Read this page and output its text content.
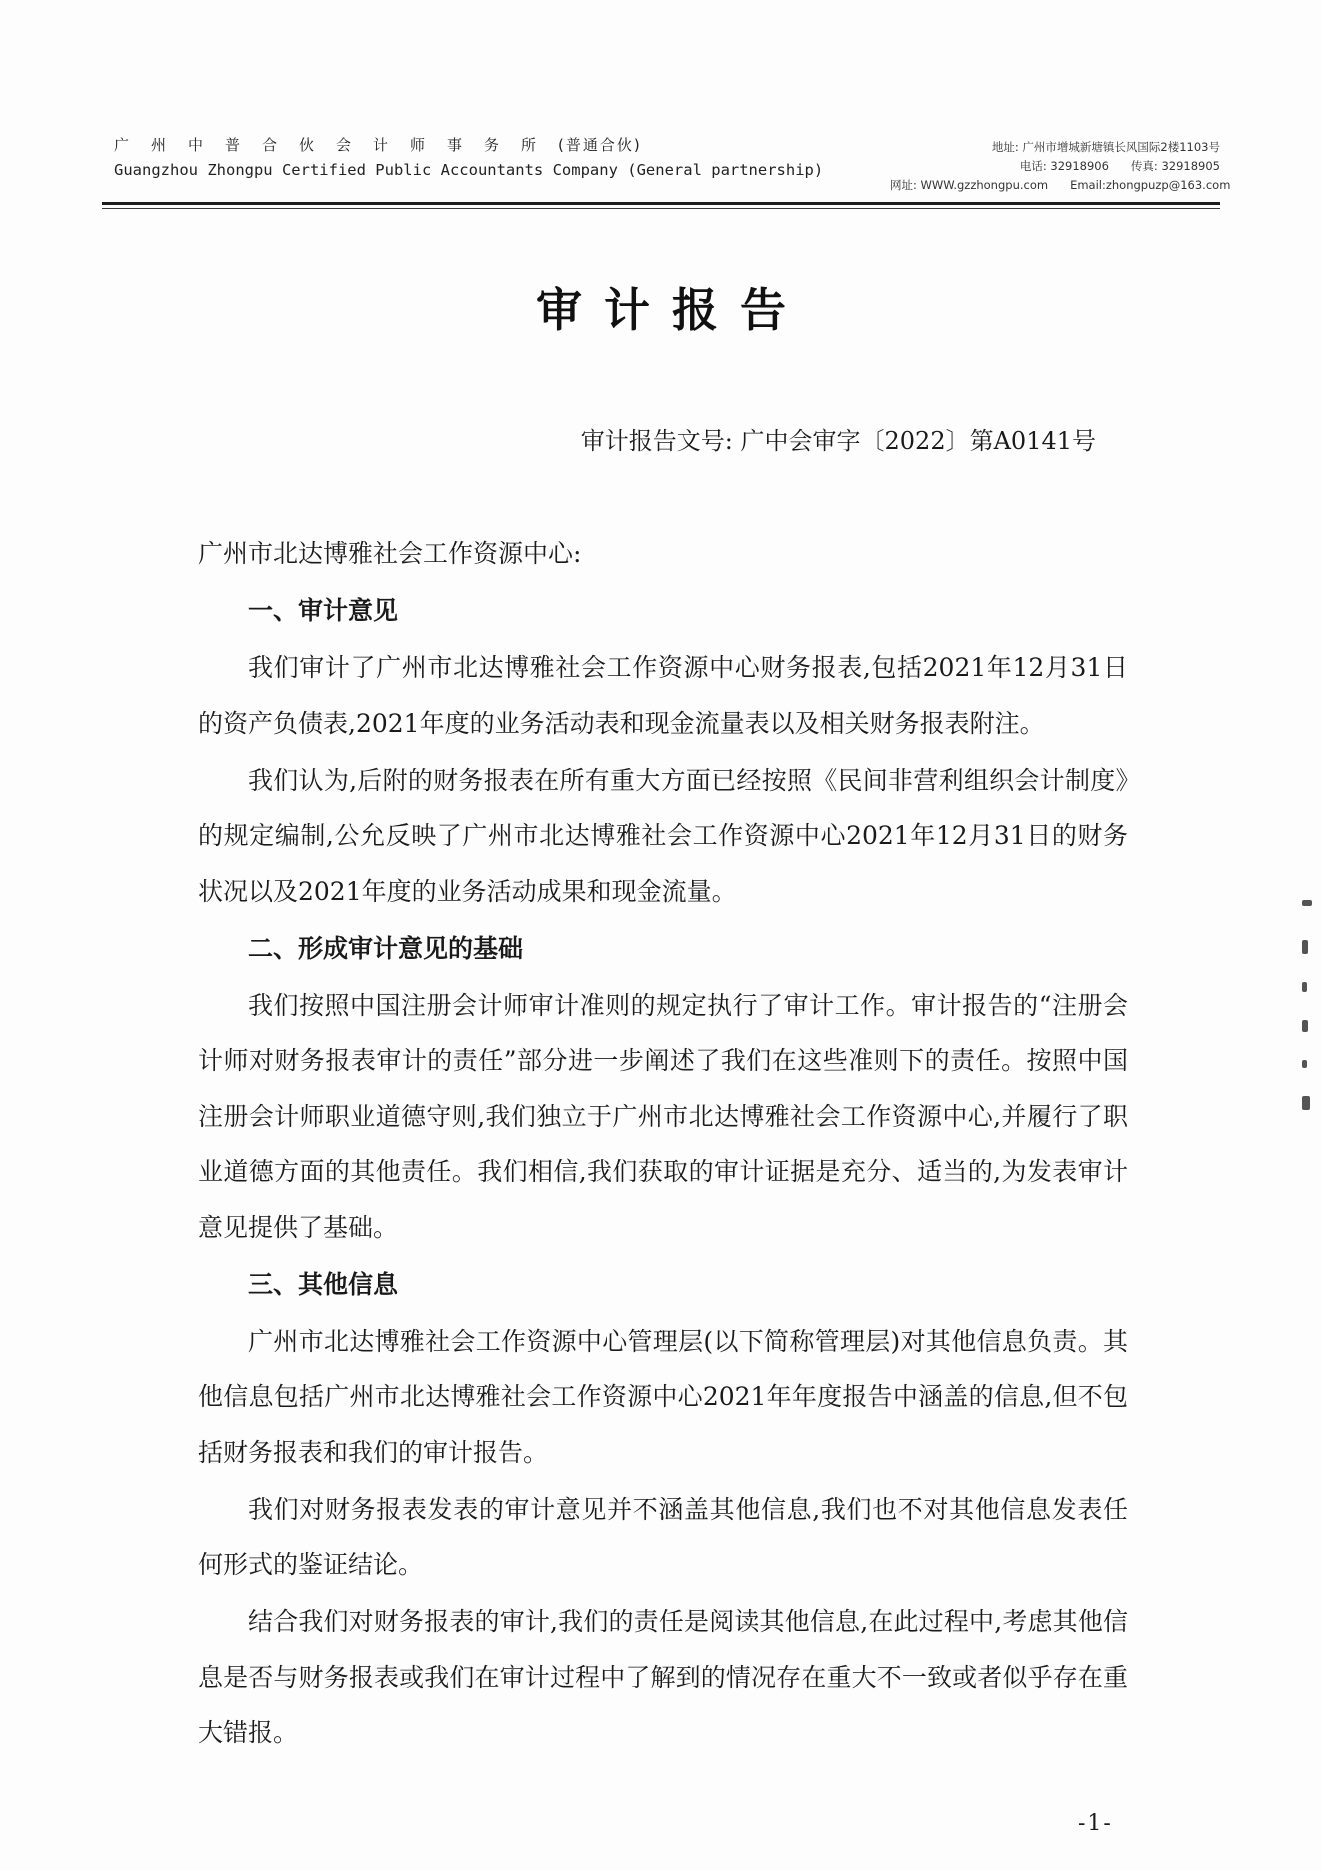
广州中普合伙会计师事务所(普通合伙)
Guangzhou Zhongpu Certified Public Accountants Company (General partnership)
地址: 广州市增城新塘镇长风国际2楼1103号
电话: 32918906 传真: 32918905
网址: WWW.gzzhongpu.com Email:zhongpuzp@163.com
审计报告
审计报告文号: 广中会审字〔2022〕第A0141号

广州市北达博雅社会工作资源中心:

一、审计意见

我们审计了广州市北达博雅社会工作资源中心财务报表,包括2021年12月31日的资产负债表,2021年度的业务活动表和现金流量表以及相关财务报表附注。

我们认为,后附的财务报表在所有重大方面已经按照《民间非营利组织会计制度》的规定编制,公允反映了广州市北达博雅社会工作资源中心2021年12月31日的财务状况以及2021年度的业务活动成果和现金流量。

二、形成审计意见的基础

我们按照中国注册会计师审计准则的规定执行了审计工作。审计报告的“注册会计师对财务报表审计的责任”部分进一步阐述了我们在这些准则下的责任。按照中国注册会计师职业道德守则,我们独立于广州市北达博雅社会工作资源中心,并履行了职业道德方面的其他责任。我们相信,我们获取的审计证据是充分、适当的,为发表审计意见提供了基础。

三、其他信息

广州市北达博雅社会工作资源中心管理层(以下简称管理层)对其他信息负责。其他信息包括广州市北达博雅社会工作资源中心2021年年度报告中涵盖的信息,但不包括财务报表和我们的审计报告。

我们对财务报表发表的审计意见并不涵盖其他信息,我们也不对其他信息发表任何形式的鉴证结论。

结合我们对财务报表的审计,我们的责任是阅读其他信息,在此过程中,考虑其他信息是否与财务报表或我们在审计过程中了解到的情况存在重大不一致或者似乎存在重大错报。

-1-
